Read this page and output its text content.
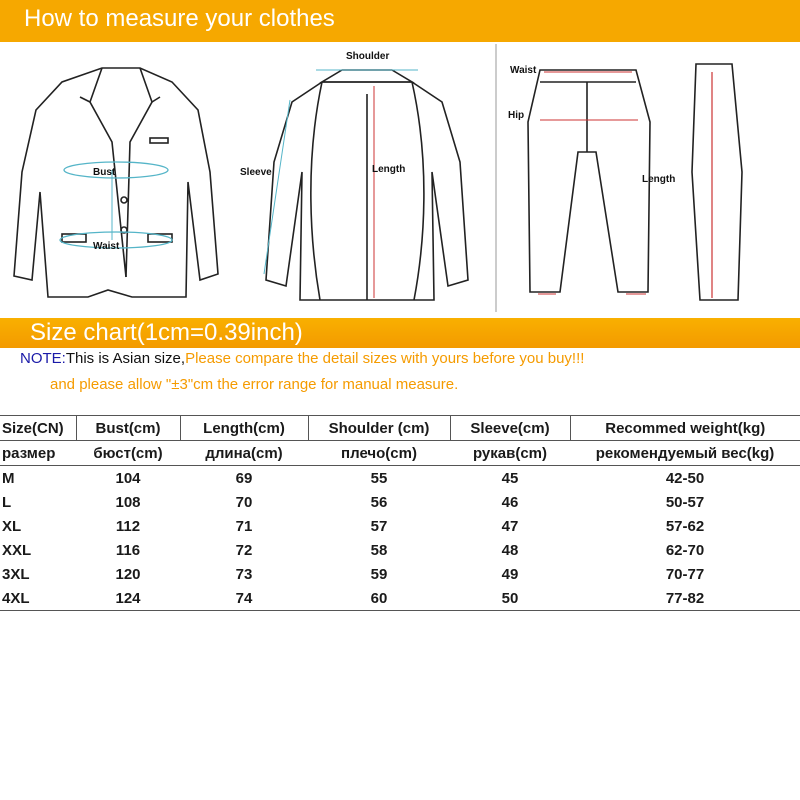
How to measure your clothes
Bust
Waist
Shoulder
Sleeve	Length
Waist
Hip
Length
Size chart(1cm=0.39inch)
NOTE:This is Asian size,Please compare the detail sizes with yours before you buy!!!
and please allow "±3"cm the error range for manual measure.
Size(CN)	Bust(cm)	Length(cm)	Shoulder (cm)	Sleeve(cm)	Recommed weight(kg)
размер	бюст(cm)	длина(cm)	плечо(cm)	рукав(cm)	рекомендуемый вес(kg)
M	104	69	55	45	42-50
L	108	70	56	46	50-57
XL	112	71	57	47	57-62
XXL	116	72	58	48	62-70
3XL	120	73	59	49	70-77
4XL	124	74	60	50	77-82
